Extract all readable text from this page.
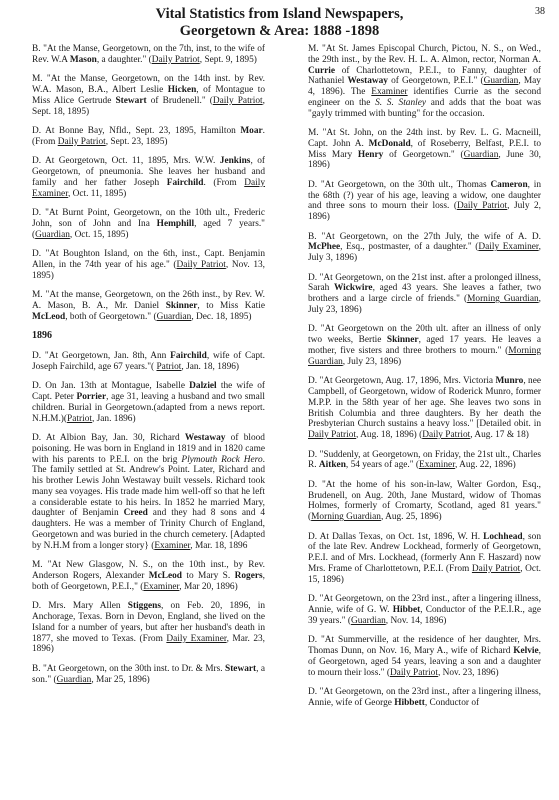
Vital Statistics from Island Newspapers,
Georgetown & Area: 1888 -1898
38

B. "At the Manse, Georgetown, on the 7th, inst, to the wife of Rev. W.A Mason, a daughter." (Daily Patriot, Sept. 9, 1895)

M. "At the Manse, Georgetown, on the 14th inst. by Rev. W.A. Mason, B.A., Albert Leslie Hicken, of Montague to Miss Alice Gertrude Stewart of Brudenell." (Daily Patriot, Sept. 18, 1895)

D. At Bonne Bay, Nfld., Sept. 23, 1895, Hamilton Moar. (From Daily Patriot, Sept. 23, 1895)

D. At Georgetown, Oct. 11, 1895, Mrs. W.W. Jenkins, of Georgetown, of pneumonia. She leaves her husband and family and her father Joseph Fairchild. (From Daily Examiner, Oct. 11, 1895)

D. "At Burnt Point, Georgetown, on the 10th ult., Frederic John, son of John and Ina Hemphill, aged 7 years." (Guardian, Oct. 15, 1895)

D. "At Boughton Island, on the 6th, inst., Capt. Benjamin Allen, in the 74th year of his age." (Daily Patriot, Nov. 13, 1895)

M. "At the manse, Georgetown, on the 26th inst., by Rev. W. A. Mason, B. A., Mr. Daniel Skinner, to Miss Katie McLeod, both of Georgetown." (Guardian, Dec. 18, 1895)

1896

D. "At Georgetown, Jan. 8th, Ann Fairchild, wife of Capt. Joseph Fairchild, age 67 years."( Patriot, Jan. 18, 1896)

D. On Jan. 13th at Montague, Isabelle Dalziel the wife of Capt. Peter Porrier, age 31, leaving a husband and two small children. Burial in Georgetown.(adapted from a news report. N.H.M.)(Patriot, Jan. 1896)

D. At Albion Bay, Jan. 30, Richard Westaway of blood poisoning. He was born in England in 1819 and in 1820 came with his parents to P.E.I. on the brig Plymouth Rock Hero. The family settled at St. Andrew's Point. Later, Richard and his brother Lewis John Westaway built vessels. Richard took many sea voyages. His trade made him well-off so that he left a considerable estate to his heirs. In 1852 he married Mary, daughter of Benjamin Creed and they had 8 sons and 4 daughters. He was a member of Trinity Church of England, Georgetown and was buried in the church cemetery. [Adapted by N.H.M from a longer story} (Examiner, Mar. 18, 1896

M. "At New Glasgow, N. S., on the 10th inst., by Rev. Anderson Rogers, Alexander McLeod to Mary S. Rogers, both of Georgetown, P.E.I.," (Examiner, Mar 20, 1896)

D. Mrs. Mary Allen Stiggens, on Feb. 20, 1896, in Anchorage, Texas. Born in Devon, England, she lived on the Island for a number of years, but after her husband's death in 1877, she moved to Texas. (From Daily Examiner, Mar. 23, 1896)

B. "At Georgetown, on the 30th inst. to Dr. & Mrs. Stewart, a son." (Guardian, Mar 25, 1896)

M. "At St. James Episcopal Church, Pictou, N. S., on Wed., the 29th inst., by the Rev. H. L. A. Almon, rector, Norman A. Currie of Charlottetown, P.E.I., to Fanny, daughter of Nathaniel Westaway of Georgetown, P.E.I." (Guardian, May 4, 1896). The Examiner identifies Currie as the second engineer on the S. S. Stanley and adds that the boat was "gayly trimmed with bunting" for the occasion.

M. "At St. John, on the 24th inst. by Rev. L. G. Macneill, Capt. John A. McDonald, of Roseberry, Belfast, P.E.I. to Miss Mary Henry of Georgetown." (Guardian, June 30, 1896)

D. "At Georgetown, on the 30th ult., Thomas Cameron, in the 68th (?) year of his age, leaving a widow, one daughter and three sons to mourn their loss. (Daily Patriot, July 2, 1896)

B. "At Georgetown, on the 27th July, the wife of A. D. McPhee, Esq., postmaster, of a daughter." (Daily Examiner, July 3, 1896)

D. "At Georgetown, on the 21st inst. after a prolonged illness, Sarah Wickwire, aged 43 years. She leaves a father, two brothers and a large circle of friends." (Morning Guardian, July 23, 1896)

D. "At Georgetown on the 20th ult. after an illness of only two weeks, Bertie Skinner, aged 17 years. He leaves a mother, five sisters and three brothers to mourn." (Morning Guardian, July 23, 1896)

D. "At Georgetown, Aug. 17, 1896, Mrs. Victoria Munro, nee Campbell, of Georgetown, widow of Roderick Munro, former M.P.P. in the 58th year of her age. She leaves two sons in British Columbia and three daughters. By her death the Presbyterian Church sustains a heavy loss." [Detailed obit. in Daily Patriot, Aug. 18, 1896) (Daily Patriot, Aug. 17 & 18)

D. "Suddenly, at Georgetown, on Friday, the 21st ult., Charles R. Aitken, 54 years of age." (Examiner, Aug. 22, 1896)

D. "At the home of his son-in-law, Walter Gordon, Esq., Brudenell, on Aug. 20th, Jane Mustard, widow of Thomas Holmes, formerly of Cromarty, Scotland, aged 81 years." (Morning Guardian, Aug. 25, 1896)

D. At Dallas Texas, on Oct. 1st, 1896, W. H. Lochhead, son of the late Rev. Andrew Lockhead, formerly of Georgetown, P.E.I. and of Mrs. Lockhead, (formerly Ann F. Haszard) now Mrs. Frame of Charlottetown, P.E.I. (From Daily Patriot, Oct. 15, 1896)

D. "At Georgetown, on the 23rd inst., after a lingering illness, Annie, wife of G. W. Hibbet, Conductor of the P.E.I.R., age 39 years." (Guardian, Nov. 14, 1896)

D. "At Summerville, at the residence of her daughter, Mrs. Thomas Dunn, on Nov. 16, Mary A., wife of Richard Kelvie, of Georgetown, aged 54 years, leaving a son and a daughter to mourn their loss." (Daily Patriot, Nov. 23, 1896)

D. "At Georgetown, on the 23rd inst., after a lingering illness, Annie, wife of George Hibbett, Conductor of
